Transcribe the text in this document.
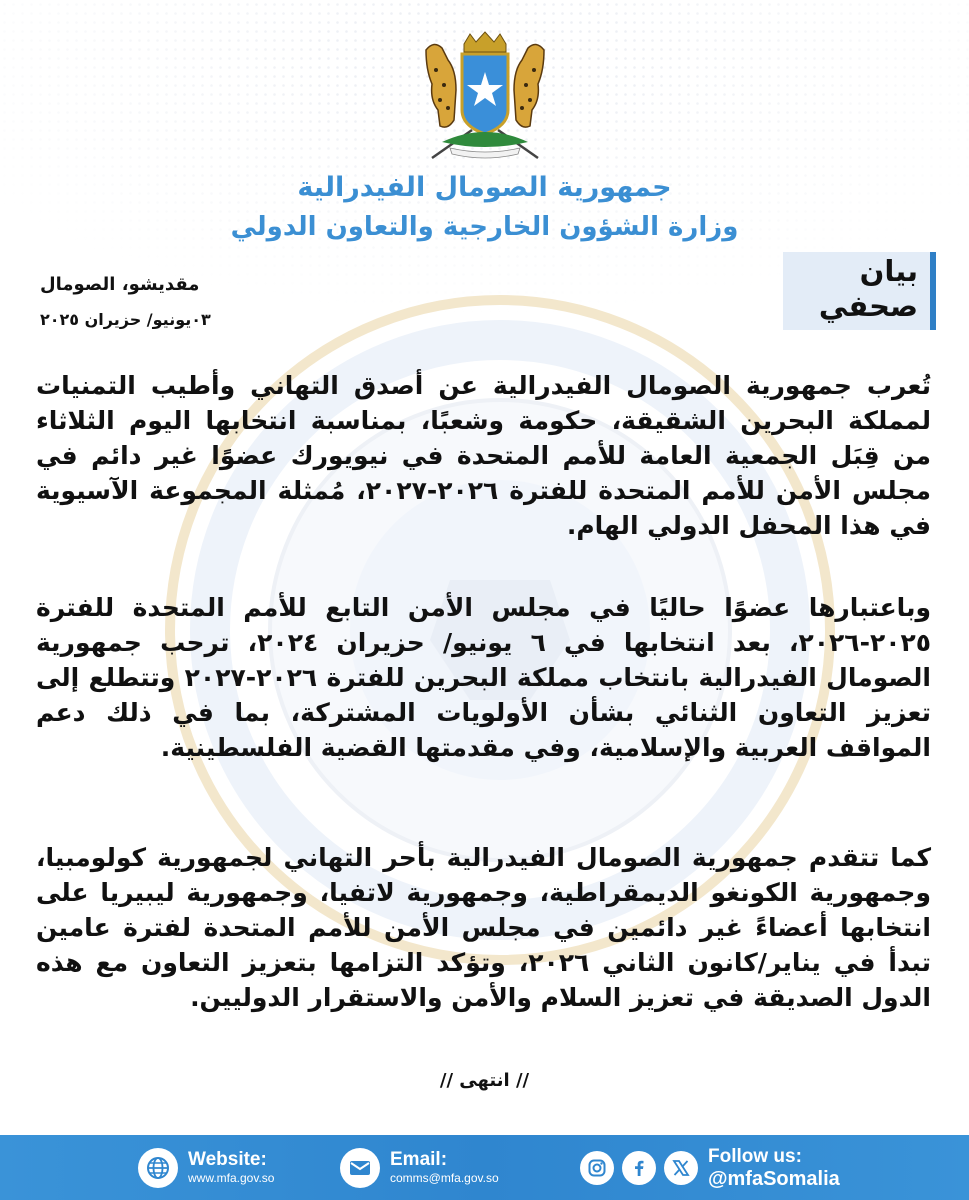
جمهورية الصومال الفيدرالية
وزارة الشؤون الخارجية والتعاون الدولي
بيان
صحفي
مقديشو، الصومال
٠٣يونيو/ حزيران ٢٠٢٥
تُعرب جمهورية الصومال الفيدرالية عن أصدق التهاني وأطيب التمنيات لمملكة البحرين الشقيقة، حكومة وشعبًا، بمناسبة انتخابها اليوم الثلاثاء من قِبَل الجمعية العامة للأمم المتحدة في نيويورك عضوًا غير دائم في مجلس الأمن للأمم المتحدة للفترة ٢٠٢٦-٢٠٢٧، مُمثلة المجموعة الآسيوية في هذا المحفل الدولي الهام.
وباعتبارها عضوًا حاليًا في مجلس الأمن التابع للأمم المتحدة للفترة ٢٠٢٥-٢٠٢٦، بعد انتخابها في ٦ يونيو/ حزيران ٢٠٢٤، ترحب جمهورية الصومال الفيدرالية بانتخاب مملكة البحرين للفترة ٢٠٢٦-٢٠٢٧ وتتطلع إلى تعزيز التعاون الثنائي بشأن الأولويات المشتركة، بما في ذلك دعم المواقف العربية والإسلامية، وفي مقدمتها القضية الفلسطينية.
كما تتقدم جمهورية الصومال الفيدرالية بأحر التهاني لجمهورية كولومبيا، وجمهورية الكونغو الديمقراطية، وجمهورية لاتفيا، وجمهورية ليبيريا على انتخابها أعضاءً غير دائمين في مجلس الأمن للأمم المتحدة لفترة عامين تبدأ في يناير/كانون الثاني ٢٠٢٦، وتؤكد التزامها بتعزيز التعاون مع هذه الدول الصديقة في تعزيز السلام والأمن والاستقرار الدوليين.
// انتهى //
Website:
www.mfa.gov.so
Email:
comms@mfa.gov.so
Follow us:
@mfaSomalia
